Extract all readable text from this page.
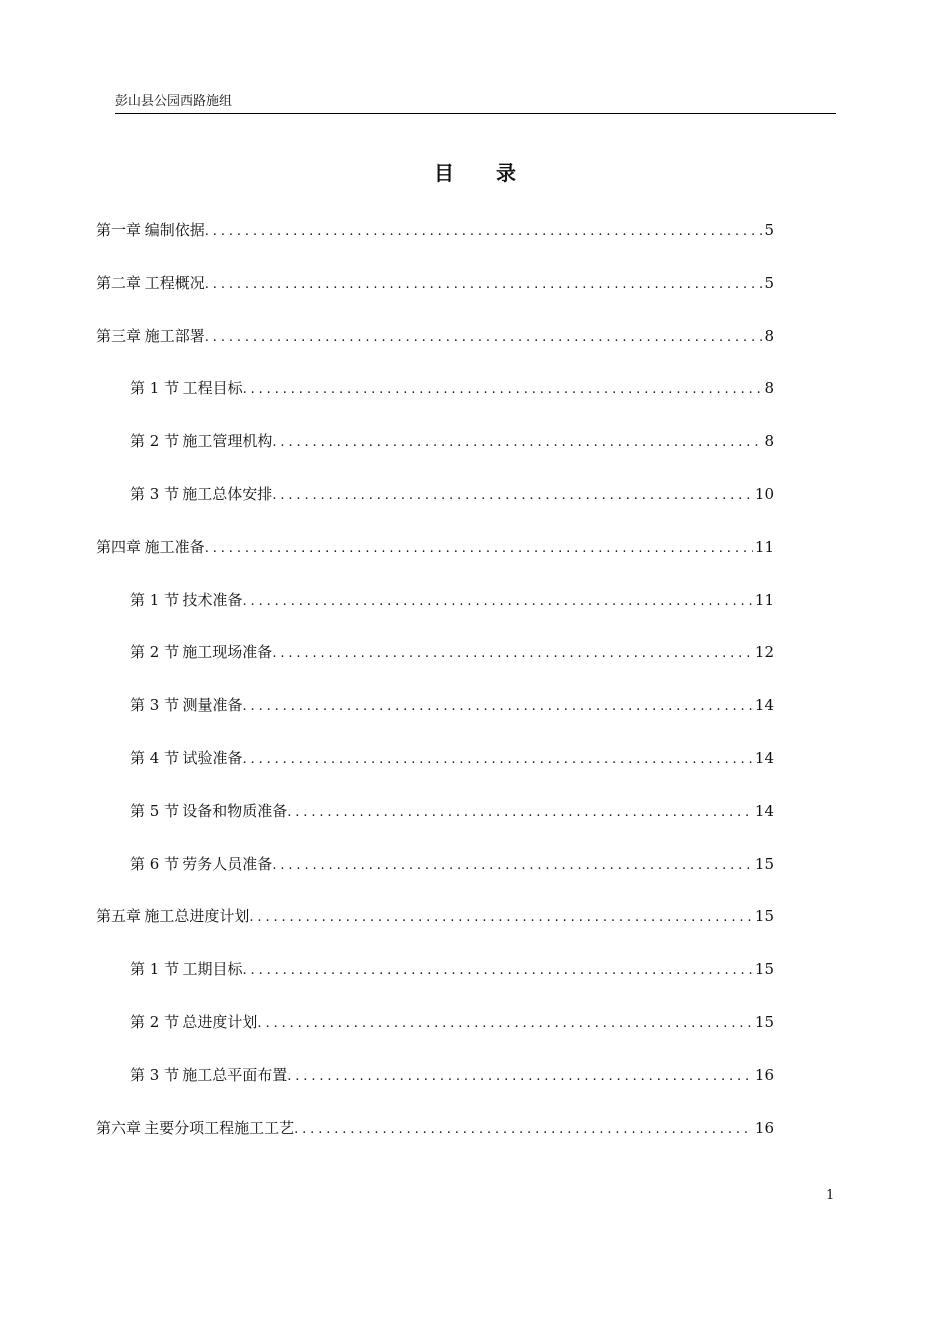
彭山县公园西路施组
目录
第一章 编制依据 .....	5
第二章 工程概况 .....	5
第三章 施工部署 .....	8
第 1 节 工程目标 .....	8
第 2 节 施工管理机构 .....	8
第 3 节 施工总体安排 .....	10
第四章 施工准备 .....	11
第 1 节 技术准备 .....	11
第 2 节 施工现场准备 .....	12
第 3 节 测量准备 .....	14
第 4 节 试验准备 .....	14
第 5 节 设备和物质准备 .....	14
第 6 节 劳务人员准备 .....	15
第五章 施工总进度计划 .....	15
第 1 节 工期目标 .....	15
第 2 节 总进度计划 .....	15
第 3 节 施工总平面布置 .....	16
第六章 主要分项工程施工工艺 .....	16
1
